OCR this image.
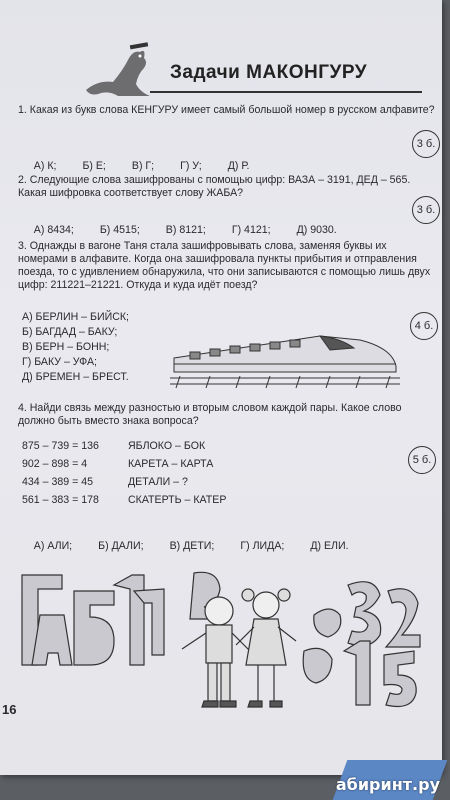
Задачи МАКОНГУРУ
1. Какая из букв слова КЕНГУРУ имеет самый большой номер в русском алфавите?
3 б.

А) К; Б) Е; В) Г; Г) У; Д) Р.

2. Следующие слова зашифрованы с помощью цифр: ВАЗА – 3191, ДЕД – 565. Какая шифровка соответствует слову ЖАБА?
3 б.

А) 8434; Б) 4515; В) 8121; Г) 4121; Д) 9030.

3. Однажды в вагоне Таня стала зашифровывать слова, заменяя буквы их номерами в алфавите. Когда она зашифровала пункты прибытия и отправления поезда, то с удивлением обнаружила, что они записываются с помощью лишь двух цифр: 211221–21221. Откуда и куда идёт поезд?
А) БЕРЛИН – БИЙСК;
Б) БАГДАД – БАКУ;
В) БЕРН – БОНН;
Г) БАКУ – УФА;
Д) БРЕМЕН – БРЕСТ.
4 б.
4. Найди связь между разностью и вторым словом каждой пары. Какое слово должно быть вместо знака вопроса?
875 – 739 = 136	ЯБЛОКО – БОК
902 – 898 = 4	КАРЕТА – КАРТА
434 – 389 = 45	ДЕТАЛИ – ?
561 – 383 = 178	СКАТЕРТЬ – КАТЕР
5 б.

А) АЛИ; Б) ДАЛИ; В) ДЕТИ; Г) ЛИДА; Д) ЕЛИ.

16
абиринт.ру
